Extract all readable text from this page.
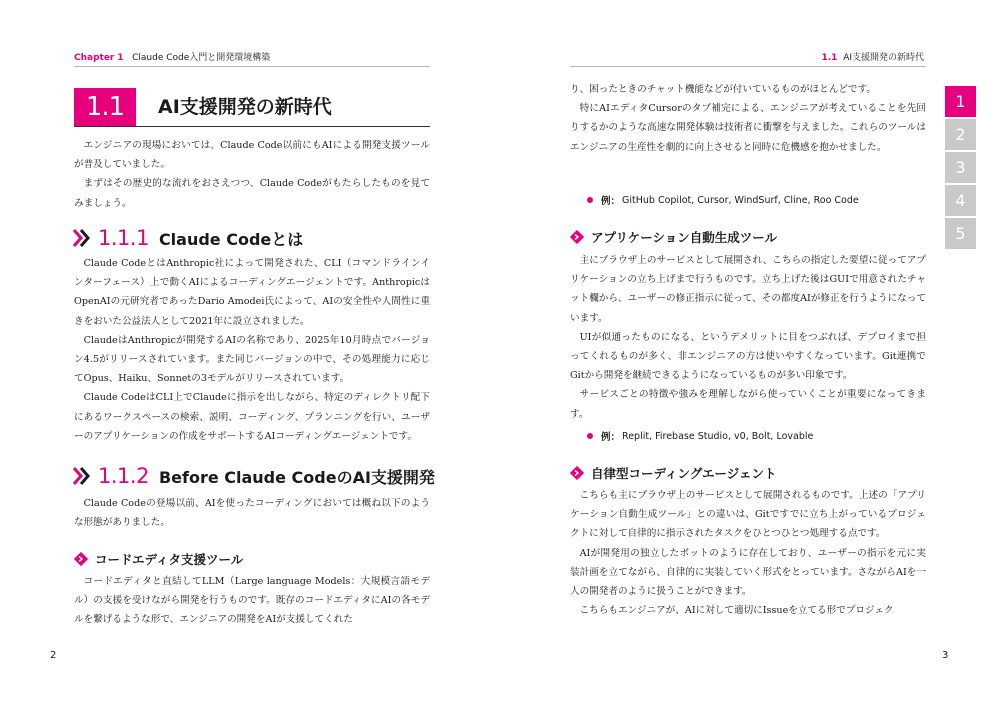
Chapter 1 Claude Code入門と開発環境構築
1.1	AI支援開発の新時代

エンジニアの現場においては、Claude Code以前にもAIによる開発支援ツールが普及していました。

まずはその歴史的な流れをおさえつつ、Claude Codeがもたらしたものを見てみましょう。

1.1.1 Claude Codeとは

Claude CodeとはAnthropic社によって開発された、CLI（コマンドラインインターフェース）上で動くAIによるコーディングエージェントです。AnthropicはOpenAIの元研究者であったDario Amodei氏によって、AIの安全性や人間性に重きをおいた公益法人として2021年に設立されました。

ClaudeはAnthropicが開発するAIの名称であり、2025年10月時点でバージョン4.5がリリースされています。また同じバージョンの中で、その処理能力に応じてOpus、Haiku、Sonnetの3モデルがリリースされています。

Claude CodeはCLI上でClaudeに指示を出しながら、特定のディレクトリ配下にあるワークスペースの検索、説明、コーディング、プランニングを行い、ユーザーのアプリケーションの作成をサポートするAIコーディングエージェントです。

1.1.2 Before Claude CodeのAI支援開発

Claude Codeの登場以前、AIを使ったコーディングにおいては概ね以下のような形態がありました。

コードエディタ支援ツール

コードエディタと直結してLLM（Large language Models：大規模言語モデル）の支援を受けながら開発を行うものです。既存のコードエディタにAIの各モデルを繋げるような形で、エンジニアの開発をAIが支援してくれた

2
1.1 AI支援開発の新時代

り、困ったときのチャット機能などが付いているものがほとんどです。

特にAIエディタCursorのタブ補完による、エンジニアが考えていることを先回りするかのような高速な開発体験は技術者に衝撃を与えました。これらのツールはエンジニアの生産性を劇的に向上させると同時に危機感を抱かせました。

例： GitHub Copilot, Cursor, WindSurf, Cline, Roo Code
アプリケーション自動生成ツール

主にブラウザ上のサービスとして展開され、こちらの指定した要望に従ってアプリケーションの立ち上げまで行うものです。立ち上げた後はGUIで用意されたチャット欄から、ユーザーの修正指示に従って、その都度AIが修正を行うようになっています。

UIが似通ったものになる、というデメリットに目をつぶれば、デプロイまで担ってくれるものが多く、非エンジニアの方は使いやすくなっています。Git連携でGitから開発を継続できるようになっているものが多い印象です。

サービスごとの特徴や強みを理解しながら使っていくことが重要になってきます。

例： Replit, Firebase Studio, v0, Bolt, Lovable
自律型コーディングエージェント

こちらも主にブラウザ上のサービスとして展開されるものです。上述の「アプリケーション自動生成ツール」との違いは、Gitですでに立ち上がっているプロジェクトに対して自律的に指示されたタスクをひとつひとつ処理する点です。

AIが開発用の独立したボットのように存在しており、ユーザーの指示を元に実装計画を立てながら、自律的に実装していく形式をとっています。さながらAIを一人の開発者のように扱うことができます。

こちらもエンジニアが、AIに対して適切にIssueを立てる形でプロジェク

3
1
2
3
4
5
